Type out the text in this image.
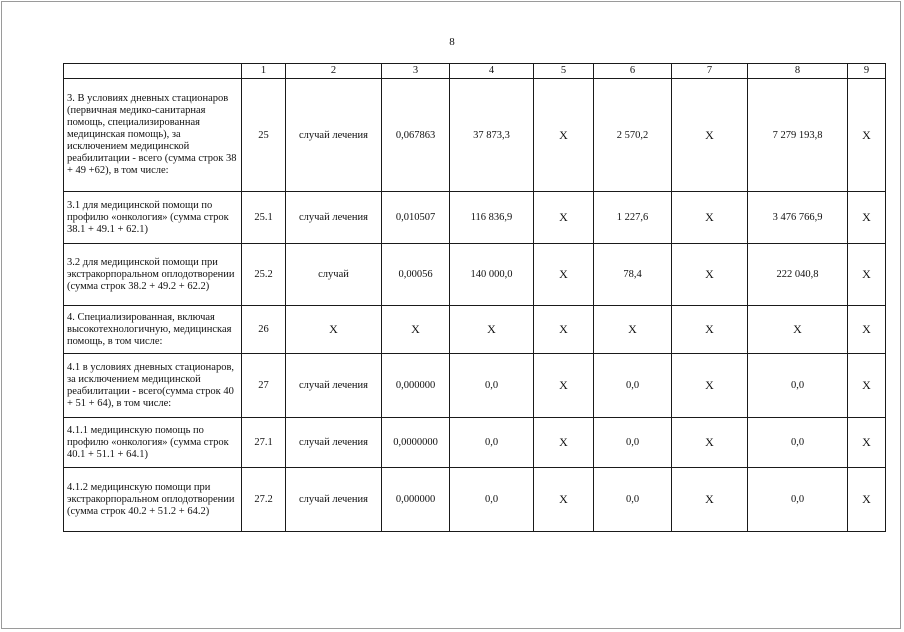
8
	1	2	3	4	5	6	7	8	9
3. В условиях дневных стационаров (первичная медико-санитарная помощь, специализированная медицинская помощь), за исключением медицинской реабилитации - всего (сумма строк 38 + 49 +62), в том числе:	25	случай лечения	0,067863	37 873,3	X	2 570,2	X	7 279 193,8	X
3.1 для медицинской помощи по профилю «онкология» (сумма строк 38.1 + 49.1 + 62.1)	25.1	случай лечения	0,010507	116 836,9	X	1 227,6	X	3 476 766,9	X
3.2 для медицинской помощи при экстракорпоральном оплодотворении (сумма строк 38.2 + 49.2 + 62.2)	25.2	случай	0,00056	140 000,0	X	78,4	X	222 040,8	X
4. Специализированная, включая высокотехнологичную, медицинская помощь, в том числе:	26	X	X	X	X	X	X	X	X
4.1 в условиях дневных стационаров, за исключением медицинской реабилитации - всего(сумма строк 40 + 51 + 64), в том числе:	27	случай лечения	0,000000	0,0	X	0,0	X	0,0	X
4.1.1 медицинскую помощь по профилю «онкология» (сумма строк 40.1 + 51.1 + 64.1)	27.1	случай лечения	0,0000000	0,0	X	0,0	X	0,0	X
4.1.2 медицинскую помощи при экстракорпоральном оплодотворении (сумма строк 40.2 + 51.2 + 64.2)	27.2	случай лечения	0,000000	0,0	X	0,0	X	0,0	X
